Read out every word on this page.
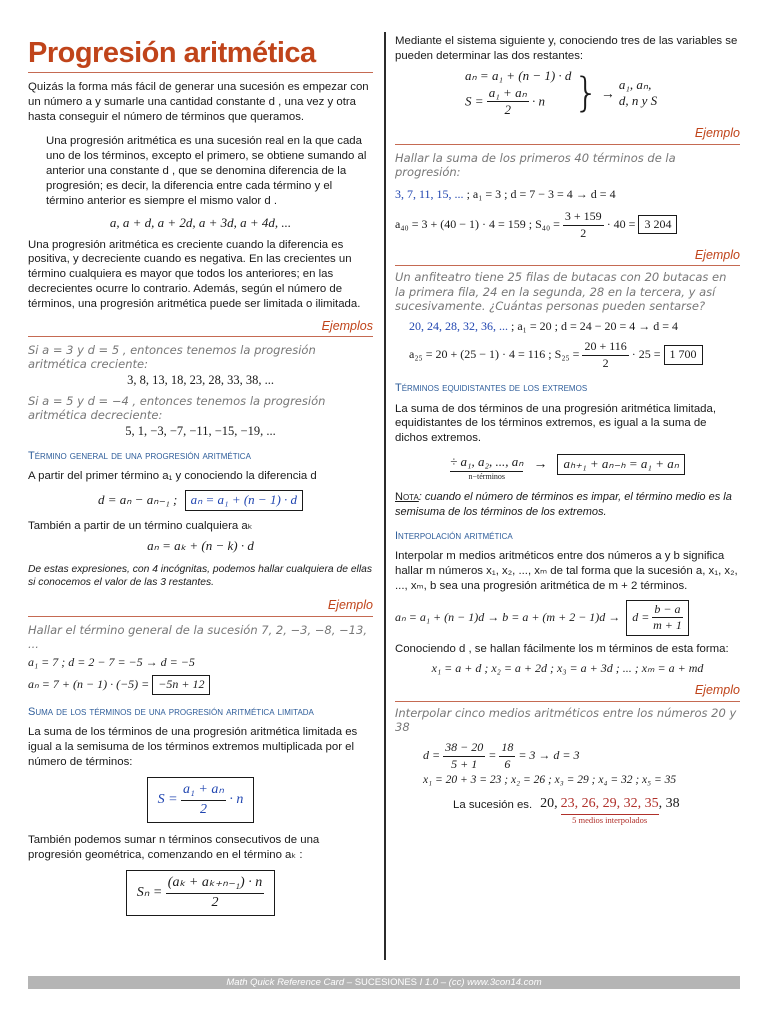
Progresión aritmética

Quizás la forma más fácil de generar una sucesión es empezar con un número a y sumarle una cantidad constante d , una vez y otra hasta conseguir el número de términos que queramos.

Una progresión aritmética es una sucesión real en la que cada uno de los términos, excepto el primero, se obtiene sumando al anterior una constante d , que se denomina diferencia de la progresión; es decir, la diferencia entre cada término y el término anterior es siempre el mismo valor d .

a, a + d, a + 2d, a + 3d, a + 4d, ...

Una progresión aritmética es creciente cuando la diferencia es positiva, y decreciente cuando es negativa. En las crecientes un término cualquiera es mayor que todos los anteriores; en las decrecientes ocurre lo contrario. Además, según el número de términos, una progresión aritmética puede ser limitada o ilimitada.

Ejemplos

Si a = 3 y d = 5 , entonces tenemos la progresión aritmética creciente:

3, 8, 13, 18, 23, 28, 33, 38, ...

Si a = 5 y d = −4 , entonces tenemos la progresión aritmética decreciente:

5, 1, −3, −7, −11, −15, −19, ...
Término general de una progresión aritmética

A partir del primer término a₁ y conociendo la diferencia d

d = aₙ − aₙ₋₁ ; aₙ = a₁ + (n − 1) · d

También a partir de un término cualquiera aₖ

aₙ = aₖ + (n − k) · d

De estas expresiones, con 4 incógnitas, podemos hallar cualquiera de ellas si conocemos el valor de las 3 restantes.

Ejemplo

Hallar el término general de la sucesión 7, 2, −3, −8, −13, ...

a₁ = 7 ; d = 2 − 7 = −5 → d = −5
aₙ = 7 + (n − 1) · (−5) = −5n + 12
Suma de los términos de una progresión aritmética limitada

La suma de los términos de una progresión aritmética limitada es igual a la semisuma de los términos extremos multiplicada por el número de términos:

$S = \frac{\text{a₁ + aₙ}}{2} \cdot n$

También podemos sumar n términos consecutivos de una progresión geométrica, comenzando en el término aₖ :

$S_n = \frac{\text{(aₖ + aₖ₊ₙ₋₁) · n}}{2}$

Mediante el sistema siguiente y, conociendo tres de las variables se pueden determinar las dos restantes:

aₙ = a₁ + (n − 1) · d
$S = \frac{\text{a₁ + aₙ}}{2} \cdot n$ } →
a₁, aₙ,
d, n y S
Ejemplo

Hallar la suma de los primeros 40 términos de la progresión:

3, 7, 11, 15, ... ; a₁ = 3 ; d = 7 − 3 = 4 → d = 4
a₄₀ = 3 + (40 − 1) · 4 = 159 ; $S_{40} = \frac{3 + 159}{2} \cdot 40 = 3$ 204
Ejemplo

Un anfiteatro tiene 25 filas de butacas con 20 butacas en la primera fila, 24 en la segunda, 28 en la tercera, y así sucesivamente. ¿Cuántas personas pueden sentarse?

20, 24, 28, 32, 36, ... ; a₁ = 20 ; d = 24 − 20 = 4 → d = 4
a₂₅ = 20 + (25 − 1) · 4 = 116 ; $S_{25} = \frac{20 + 116}{2} \cdot 25 = 1$ 700
Términos equidistantes de los extremos

La suma de dos términos de una progresión aritmética limitada, equidistantes de los términos extremos, es igual a la suma de dichos extremos.

÷ a₁, a₂, ..., aₙ
n−términos
→	aₕ₊₁ + aₙ₋ₕ = a₁ + aₙ

Nota: cuando el número de términos es impar, el término medio es la semisuma de los términos de los extremos.

Interpolación aritmética

Interpolar m medios aritméticos entre dos números a y b significa hallar m números x₁, x₂, ..., xₘ de tal forma que la sucesión a, x₁, x₂, ..., xₘ, b sea una progresión aritmética de m + 2 términos.

aₙ = a₁ + (n − 1)d → b = a + (m + 2 − 1)d →	$d = \frac{b - a}{m + 1}$

Conociendo d , se hallan fácilmente los m términos de esta forma:

x₁ = a + d ; x₂ = a + 2d ; x₃ = a + 3d ; ... ; xₘ = a + md
Ejemplo

Interpolar cinco medios aritméticos entre los números 20 y 38

$d = \frac{38 - 20}{5 + 1} = \frac{18}{6} = 3 \to d = 3$
x₁ = 20 + 3 = 23 ; x₂ = 26 ; x₃ = 29 ; x₄ = 32 ; x₅ = 35
La sucesión es. 20, 23, 26, 29, 32, 35
5 medios interpolados
, 38
Math Quick Reference Card – SUCESIONES I 1.0 – (cc) www.3con14.com
